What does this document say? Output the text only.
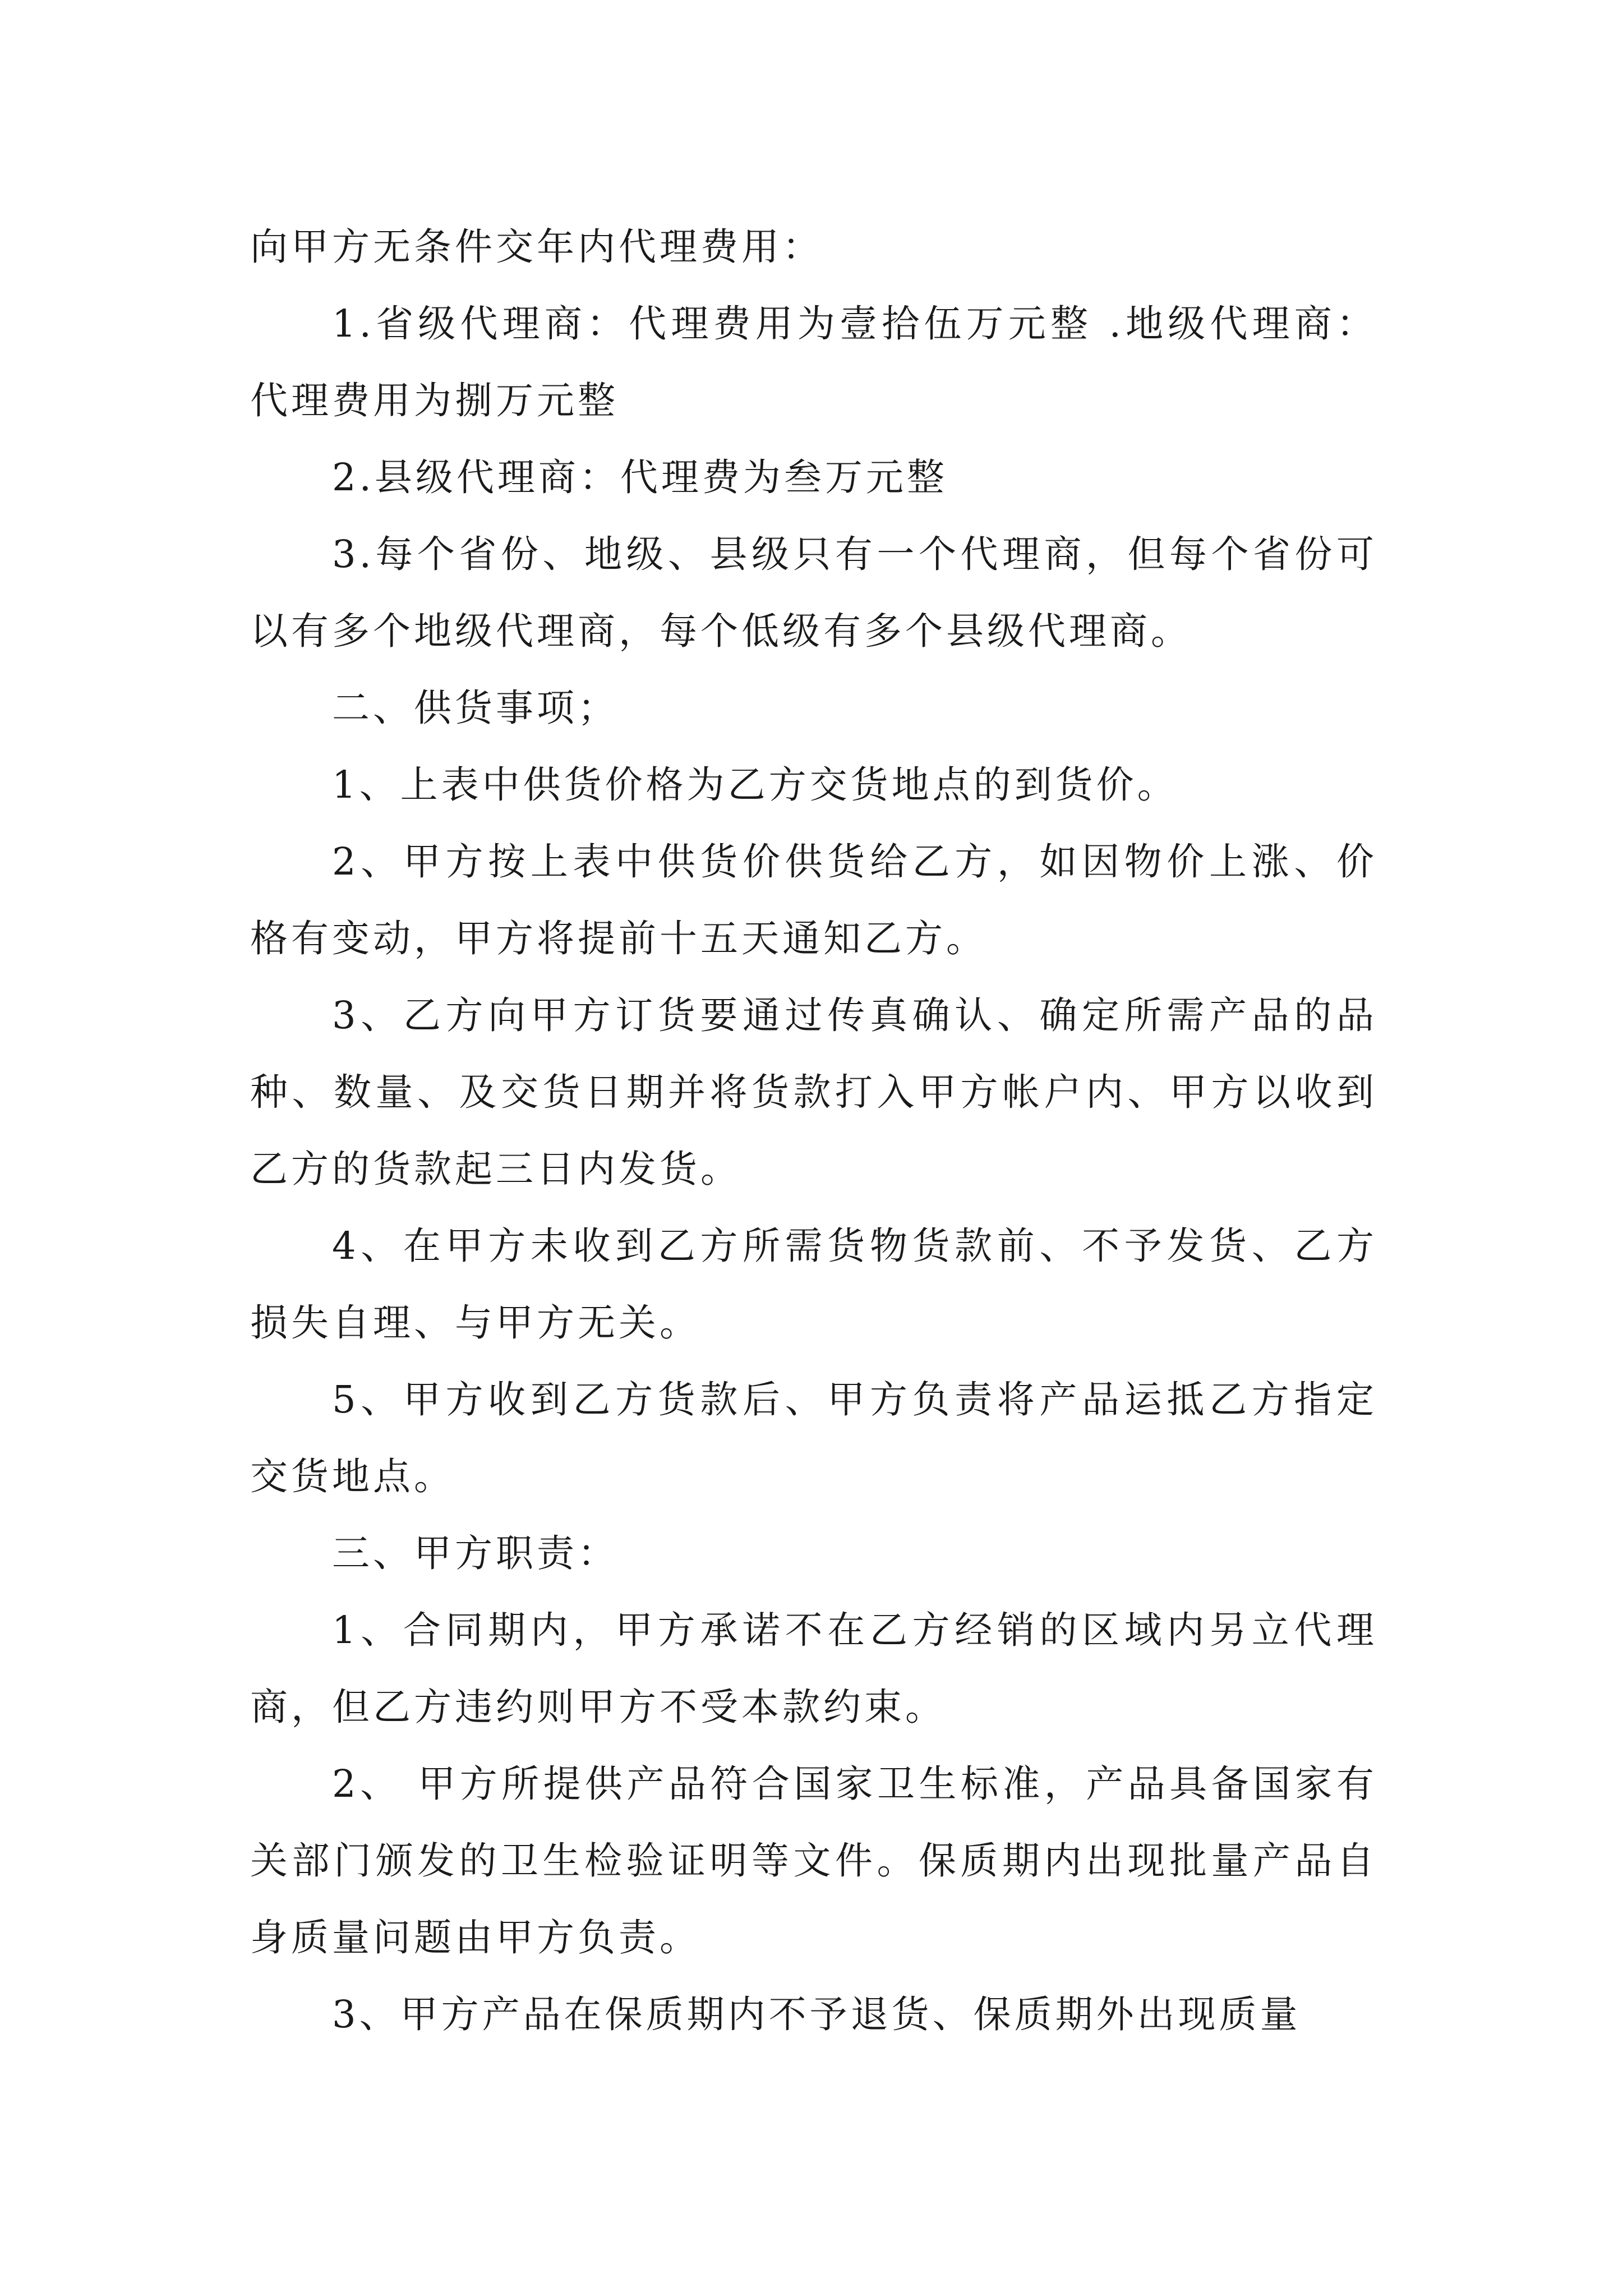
向甲方无条件交年内代理费用：

1.省级代理商：代理费用为壹拾伍万元整 .地级代理商：代理费用为捌万元整

2.县级代理商：代理费为叁万元整

3.每个省份、地级、县级只有一个代理商，但每个省份可以有多个地级代理商，每个低级有多个县级代理商。

二、供货事项；

1、上表中供货价格为乙方交货地点的到货价。

2、甲方按上表中供货价供货给乙方，如因物价上涨、价格有变动，甲方将提前十五天通知乙方。

3、乙方向甲方订货要通过传真确认、确定所需产品的品种、数量、及交货日期并将货款打入甲方帐户内、甲方以收到乙方的货款起三日内发货。

4、在甲方未收到乙方所需货物货款前、不予发货、乙方损失自理、与甲方无关。

5、甲方收到乙方货款后、甲方负责将产品运抵乙方指定交货地点。

三、甲方职责：

1、合同期内，甲方承诺不在乙方经销的区域内另立代理商，但乙方违约则甲方不受本款约束。

2、 甲方所提供产品符合国家卫生标准，产品具备国家有关部门颁发的卫生检验证明等文件。保质期内出现批量产品自身质量问题由甲方负责。

3、甲方产品在保质期内不予退货、保质期外出现质量
